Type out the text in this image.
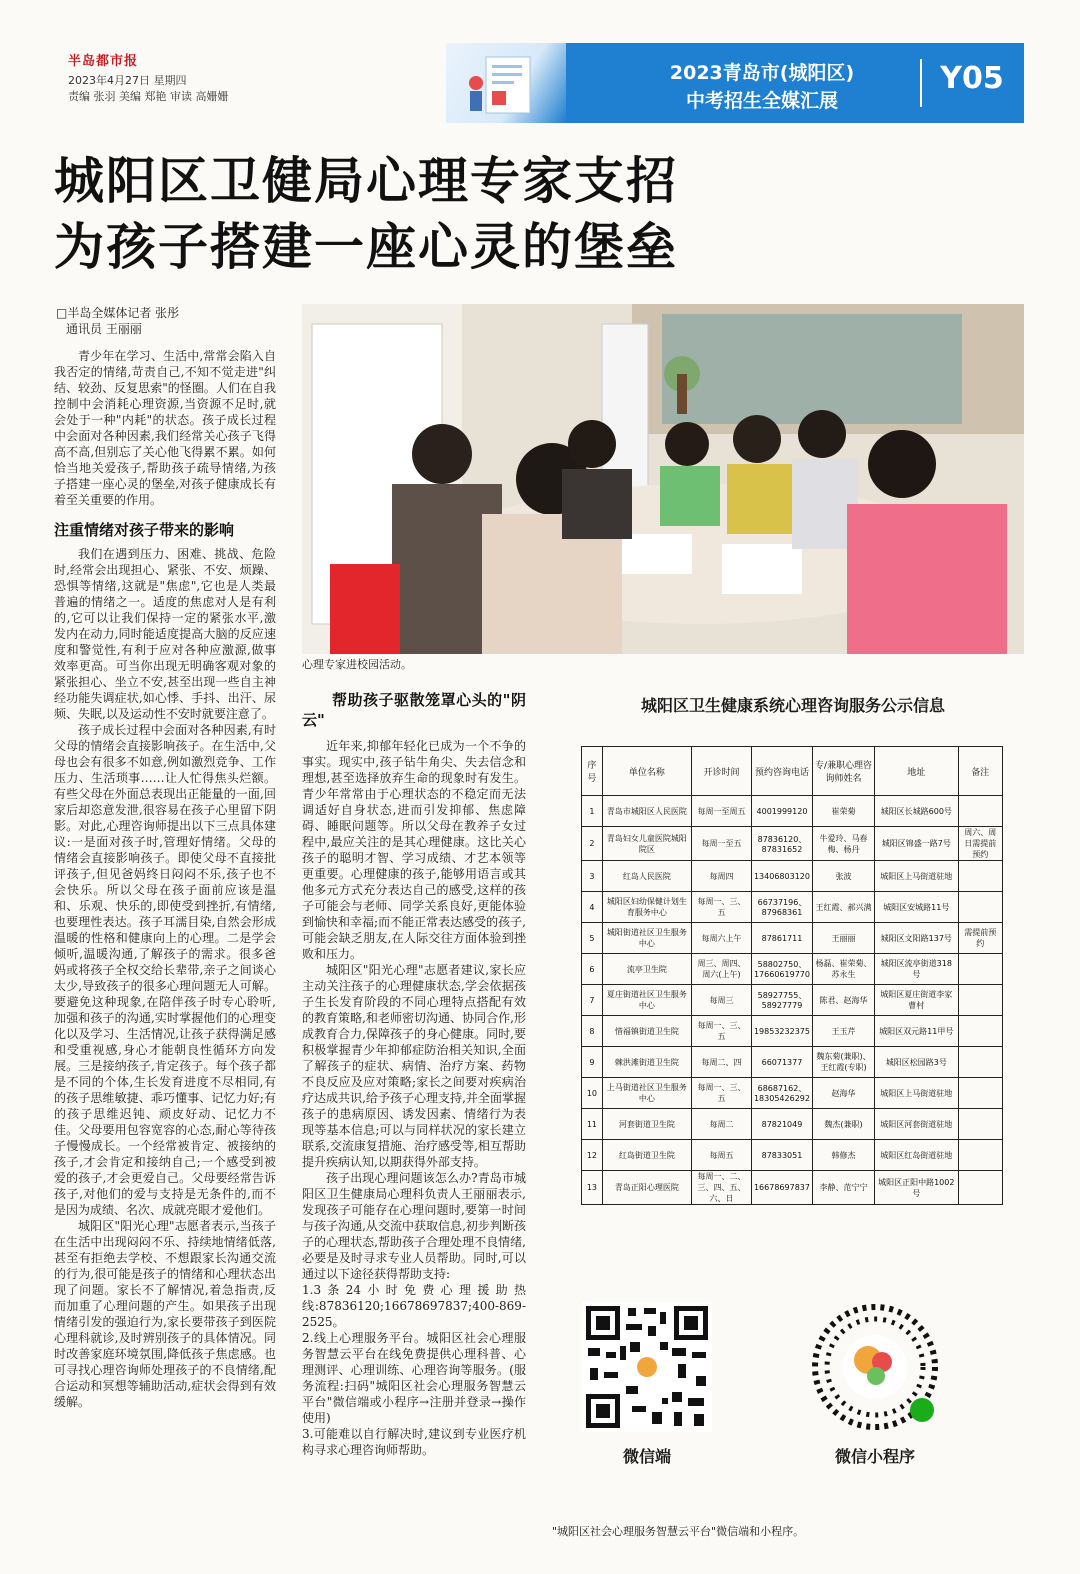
半岛都市报
2023年4月27日 星期四
责编 张羽 美编 郑艳 审读 高姗姗
2023青岛市(城阳区)
中考招生全媒汇展
Y05
城阳区卫健局心理专家支招
为孩子搭建一座心灵的堡垒
□半岛全媒体记者 张彤
通讯员 王丽丽

青少年在学习、生活中,常常会陷入自我否定的情绪,苛责自己,不知不觉走进"纠结、较劲、反复思索"的怪圈。人们在自我控制中会消耗心理资源,当资源不足时,就会处于一种"内耗"的状态。孩子成长过程中会面对各种因素,我们经常关心孩子飞得高不高,但别忘了关心他飞得累不累。如何恰当地关爱孩子,帮助孩子疏导情绪,为孩子搭建一座心灵的堡垒,对孩子健康成长有着至关重要的作用。

注重情绪对孩子带来的影响

我们在遇到压力、困难、挑战、危险时,经常会出现担心、紧张、不安、烦躁、恐惧等情绪,这就是"焦虑",它也是人类最普遍的情绪之一。适度的焦虑对人是有利的,它可以让我们保持一定的紧张水平,激发内在动力,同时能适度提高大脑的反应速度和警觉性,有利于应对各种应激源,做事效率更高。可当你出现无明确客观对象的紧张担心、坐立不安,甚至出现一些自主神经功能失调症状,如心悸、手抖、出汗、尿频、失眠,以及运动性不安时就要注意了。

孩子成长过程中会面对各种因素,有时父母的情绪会直接影响孩子。在生活中,父母也会有很多不如意,例如激烈竞争、工作压力、生活琐事……让人忙得焦头烂额。有些父母在外面总表现出正能量的一面,回家后却恣意发泄,很容易在孩子心里留下阴影。对此,心理咨询师提出以下三点具体建议:一是面对孩子时,管理好情绪。父母的情绪会直接影响孩子。即使父母不直接批评孩子,但见爸妈终日闷闷不乐,孩子也不会快乐。所以父母在孩子面前应该是温和、乐观、快乐的,即使受到挫折,有情绪,也要理性表达。孩子耳濡目染,自然会形成温暖的性格和健康向上的心理。二是学会倾听,温暖沟通,了解孩子的需求。很多爸妈或将孩子全权交给长辈带,亲子之间谈心太少,导致孩子的很多心理问题无人可解。要避免这种现象,在陪伴孩子时专心聆听,加强和孩子的沟通,实时掌握他们的心理变化以及学习、生活情况,让孩子获得满足感和受重视感,身心才能朝良性循环方向发展。三是接纳孩子,肯定孩子。每个孩子都是不同的个体,生长发育进度不尽相同,有的孩子思维敏捷、乖巧懂事、记忆力好;有的孩子思维迟钝、顽皮好动、记忆力不佳。父母要用包容宽容的心态,耐心等待孩子慢慢成长。一个经常被肯定、被接纳的孩子,才会肯定和接纳自己;一个感受到被爱的孩子,才会更爱自己。父母要经常告诉孩子,对他们的爱与支持是无条件的,而不是因为成绩、名次、成就亮眼才爱他们。

城阳区"阳光心理"志愿者表示,当孩子在生活中出现闷闷不乐、持续地情绪低落,甚至有拒绝去学校、不想跟家长沟通交流的行为,很可能是孩子的情绪和心理状态出现了问题。家长不了解情况,着急指责,反而加重了心理问题的产生。如果孩子出现情绪引发的强迫行为,家长要带孩子到医院心理科就诊,及时辨别孩子的具体情况。同时改善家庭环境氛围,降低孩子焦虑感。也可寻找心理咨询师处理孩子的不良情绪,配合运动和冥想等辅助活动,症状会得到有效缓解。

心理专家进校园活动。
帮助孩子驱散笼罩心头的"阴云"

近年来,抑郁年轻化已成为一个不争的事实。现实中,孩子钻牛角尖、失去信念和理想,甚至选择放弃生命的现象时有发生。青少年常常由于心理状态的不稳定而无法调适好自身状态,进而引发抑郁、焦虑障碍、睡眠问题等。所以父母在教养子女过程中,最应关注的是其心理健康。这比关心孩子的聪明才智、学习成绩、才艺本领等更重要。心理健康的孩子,能够用语言或其他多元方式充分表达自己的感受,这样的孩子可能会与老师、同学关系良好,更能体验到愉快和幸福;而不能正常表达感受的孩子,可能会缺乏朋友,在人际交往方面体验到挫败和压力。

城阳区"阳光心理"志愿者建议,家长应主动关注孩子的心理健康状态,学会依据孩子生长发育阶段的不同心理特点搭配有效的教育策略,和老师密切沟通、协同合作,形成教育合力,保障孩子的身心健康。同时,要积极掌握青少年抑郁症防治相关知识,全面了解孩子的症状、病情、治疗方案、药物不良反应及应对策略;家长之间要对疾病治疗达成共识,给予孩子心理支持,并全面掌握孩子的患病原因、诱发因素、情绪行为表现等基本信息;可以与同样状况的家长建立联系,交流康复措施、治疗感受等,相互帮助提升疾病认知,以期获得外部支持。

孩子出现心理问题该怎么办?青岛市城阳区卫生健康局心理科负责人王丽丽表示,发现孩子可能存在心理问题时,要第一时间与孩子沟通,从交流中获取信息,初步判断孩子的心理状态,帮助孩子合理处理不良情绪,必要是及时寻求专业人员帮助。同时,可以通过以下途径获得帮助支持:

1.3条24小时免费心理援助热线:87836120;16678697837;400-869-2525。
2.线上心理服务平台。城阳区社会心理服务智慧云平台在线免费提供心理科普、心理测评、心理训练、心理咨询等服务。(服务流程:扫码"城阳区社会心理服务智慧云平台"微信端或小程序→注册并登录→操作使用)
3.可能难以自行解决时,建议到专业医疗机构寻求心理咨询师帮助。
城阳区卫生健康系统心理咨询服务公示信息
序号	单位名称	开诊时间	预约咨询电话	专/兼职心理咨询师姓名	地址	备注
1	青岛市城阳区人民医院	每周一至周五	4001999120	崔荣菊	城阳区长城路600号	
2	青岛妇女儿童医院城阳院区	每周一至五	87836120、87831652	牛爱玲、马春梅、杨丹	城阳区锦盛一路7号	周六、周日需提前预约
3	红岛人民医院	每周四	13406803120	张波	城阳区上马街道驻地	
4	城阳区妇幼保健计划生育服务中心	每周一、三、五	66737196、87968361	王红霞、郝兴满	城阳区安城路11号	
5	城阳街道社区卫生服务中心	每周六上午	87861711	王丽丽	城阳区文阳路137号	需提前预约
6	流亭卫生院	周三、周四、周六(上午)	58802750、17660619770	杨磊、崔荣菊、苏永生	城阳区流亭街道318号	
7	夏庄街道社区卫生服务中心	每周三	58927755、58927779	陈君、赵海华	城阳区夏庄街道李家曹村	
8	惜福镇街道卫生院	每周一、三、五	19853232375	王玉芹	城阳区双元路11甲号	
9	棘洪滩街道卫生院	每周二、四	66071377	魏东菊(兼职)、王红霞(专职)	城阳区松园路3号	
10	上马街道社区卫生服务中心	每周一、三、五	68687162、18305426292	赵海华	城阳区上马街道驻地	
11	河套街道卫生院	每周二	87821049	魏杰(兼职)	城阳区河套街道驻地	
12	红岛街道卫生院	每周五	87833051	韩修杰	城阳区红岛街道驻地	
13	青岛正阳心理医院	每周一、二、三、四、五、六、日	16678697837	李静、范宁宁	城阳区正阳中路1002号	
微信端	微信小程序
"城阳区社会心理服务智慧云平台"微信端和小程序。
